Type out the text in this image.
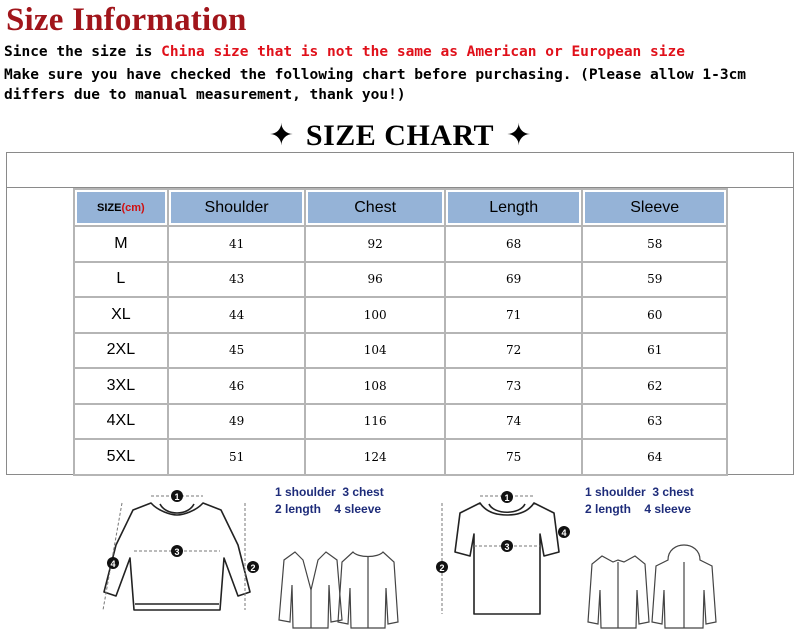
Size Information
Since the size is China size that is not the same as American or European size
Make sure you have checked the following chart before purchasing. (Please allow 1-3cm differs due to manual measurement, thank you!)
✦ SIZE CHART ✦
SIZE(cm)	Shoulder	Chest	Length	Sleeve
M	41	92	68	58
L	43	96	69	59
XL	44	100	71	60
2XL	45	104	72	61
3XL	46	108	73	62
4XL	49	116	74	63
5XL	51	124	75	64
1
2
3
4
1 shoulder  3 chest
2 length    4 sleeve
1
2
3
4
1 shoulder  3 chest
2 length    4 sleeve
